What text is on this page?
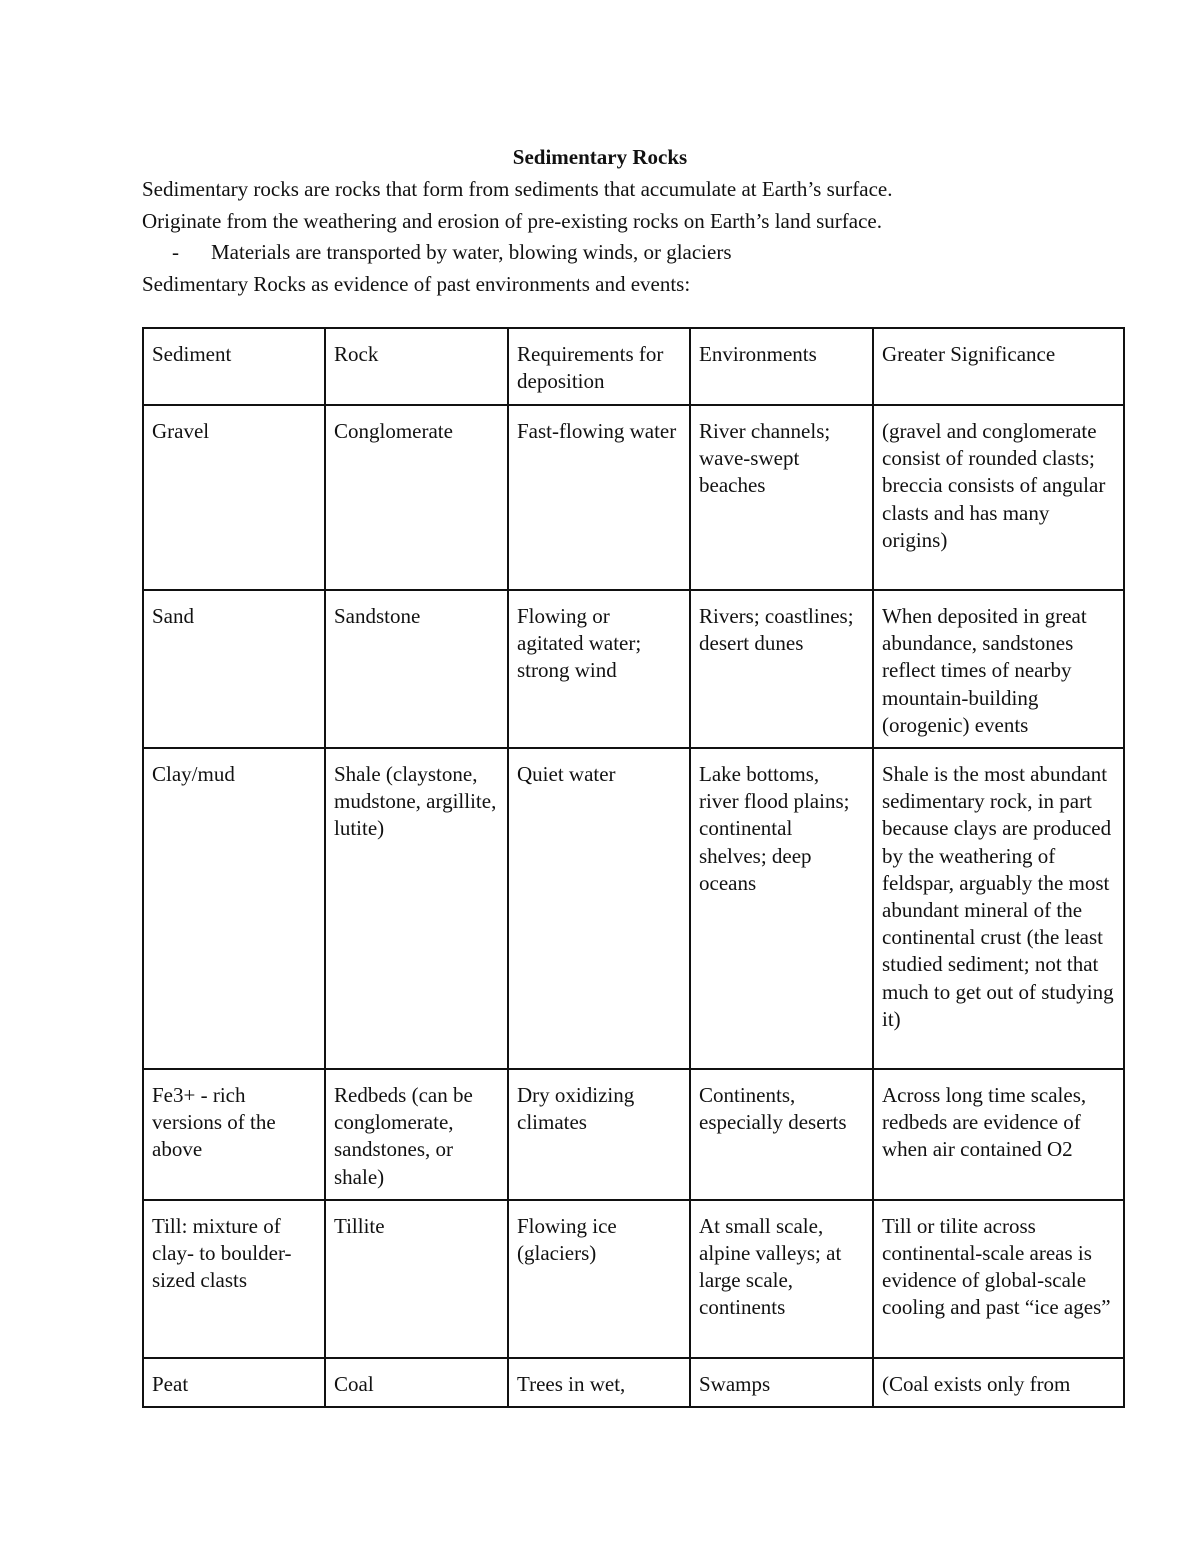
Sedimentary Rocks

Sedimentary rocks are rocks that form from sediments that accumulate at Earth’s surface.

Originate from the weathering and erosion of pre-existing rocks on Earth’s land surface.

- Materials are transported by water, blowing winds, or glaciers

Sedimentary Rocks as evidence of past environments and events:

Sediment	Rock	Requirements for deposition	Environments	Greater Significance
Gravel	Conglomerate	Fast-flowing water	River channels; wave-swept beaches	(gravel and conglomerate consist of rounded clasts; breccia consists of angular clasts and has many origins)
Sand	Sandstone	Flowing or agitated water; strong wind	Rivers; coastlines; desert dunes	When deposited in great abundance, sandstones reflect times of nearby mountain-building (orogenic) events
Clay/mud	Shale (claystone, mudstone, argillite, lutite)	Quiet water	Lake bottoms, river flood plains; continental shelves; deep oceans	Shale is the most abundant sedimentary rock, in part because clays are produced by the weathering of feldspar, arguably the most abundant mineral of the continental crust (the least studied sediment; not that much to get out of studying it)
Fe3+ - rich versions of the above	Redbeds (can be conglomerate, sandstones, or shale)	Dry oxidizing climates	Continents, especially deserts	Across long time scales, redbeds are evidence of when air contained O2
Till: mixture of clay- to boulder-sized clasts	Tillite	Flowing ice (glaciers)	At small scale, alpine valleys; at large scale, continents	Till or tilite across continental-scale areas is evidence of global-scale cooling and past “ice ages”
Peat	Coal	Trees in wet,	Swamps	(Coal exists only from
